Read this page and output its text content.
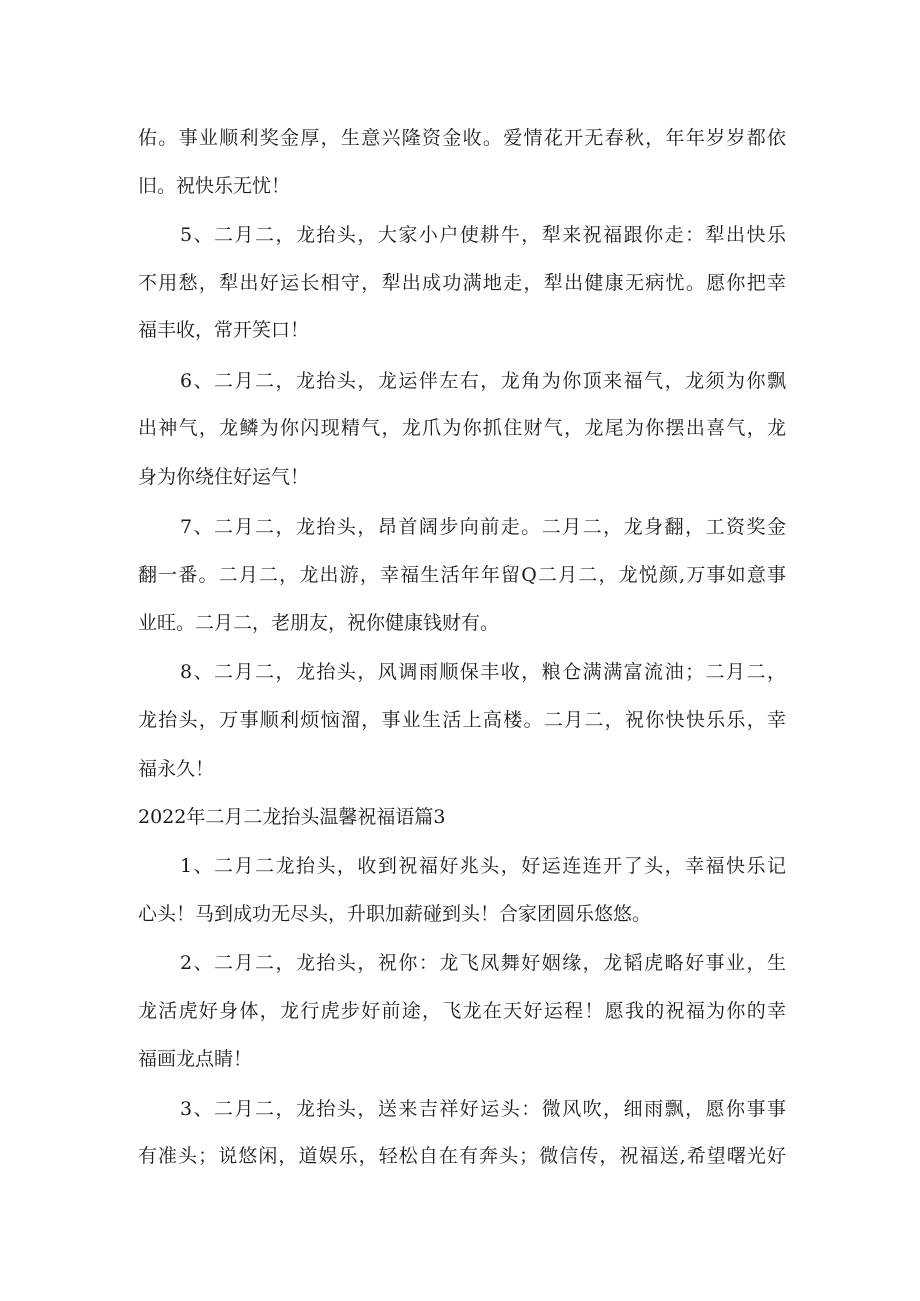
佑。事业顺利奖金厚，生意兴隆资金收。爱情花开无春秋，年年岁岁都依
旧。祝快乐无忧！
5、二月二，龙抬头，大家小户使耕牛，犁来祝福跟你走：犁出快乐
不用愁，犁出好运长相守，犁出成功满地走，犁出健康无病忧。愿你把幸
福丰收，常开笑口！
6、二月二，龙抬头，龙运伴左右，龙角为你顶来福气，龙须为你飘
出神气，龙鳞为你闪现精气，龙爪为你抓住财气，龙尾为你摆出喜气，龙
身为你绕住好运气！
7、二月二，龙抬头，昂首阔步向前走。二月二，龙身翻，工资奖金
翻一番。二月二，龙出游，幸福生活年年留Q二月二，龙悦颜,万事如意事
业旺。二月二，老朋友，祝你健康钱财有。
8、二月二，龙抬头，风调雨顺保丰收，粮仓满满富流油；二月二，
龙抬头，万事顺利烦恼溜，事业生活上高楼。二月二，祝你快快乐乐，幸
福永久！
2022年二月二龙抬头温馨祝福语篇3
1、二月二龙抬头，收到祝福好兆头，好运连连开了头，幸福快乐记
心头！马到成功无尽头，升职加薪碰到头！合家团圆乐悠悠。
2、二月二，龙抬头，祝你：龙飞凤舞好姻缘，龙韬虎略好事业，生
龙活虎好身体，龙行虎步好前途，飞龙在天好运程！愿我的祝福为你的幸
福画龙点睛！
3、二月二，龙抬头，送来吉祥好运头：微风吹，细雨飘，愿你事事
有准头；说悠闲，道娱乐，轻松自在有奔头；微信传，祝福送,希望曙光好
